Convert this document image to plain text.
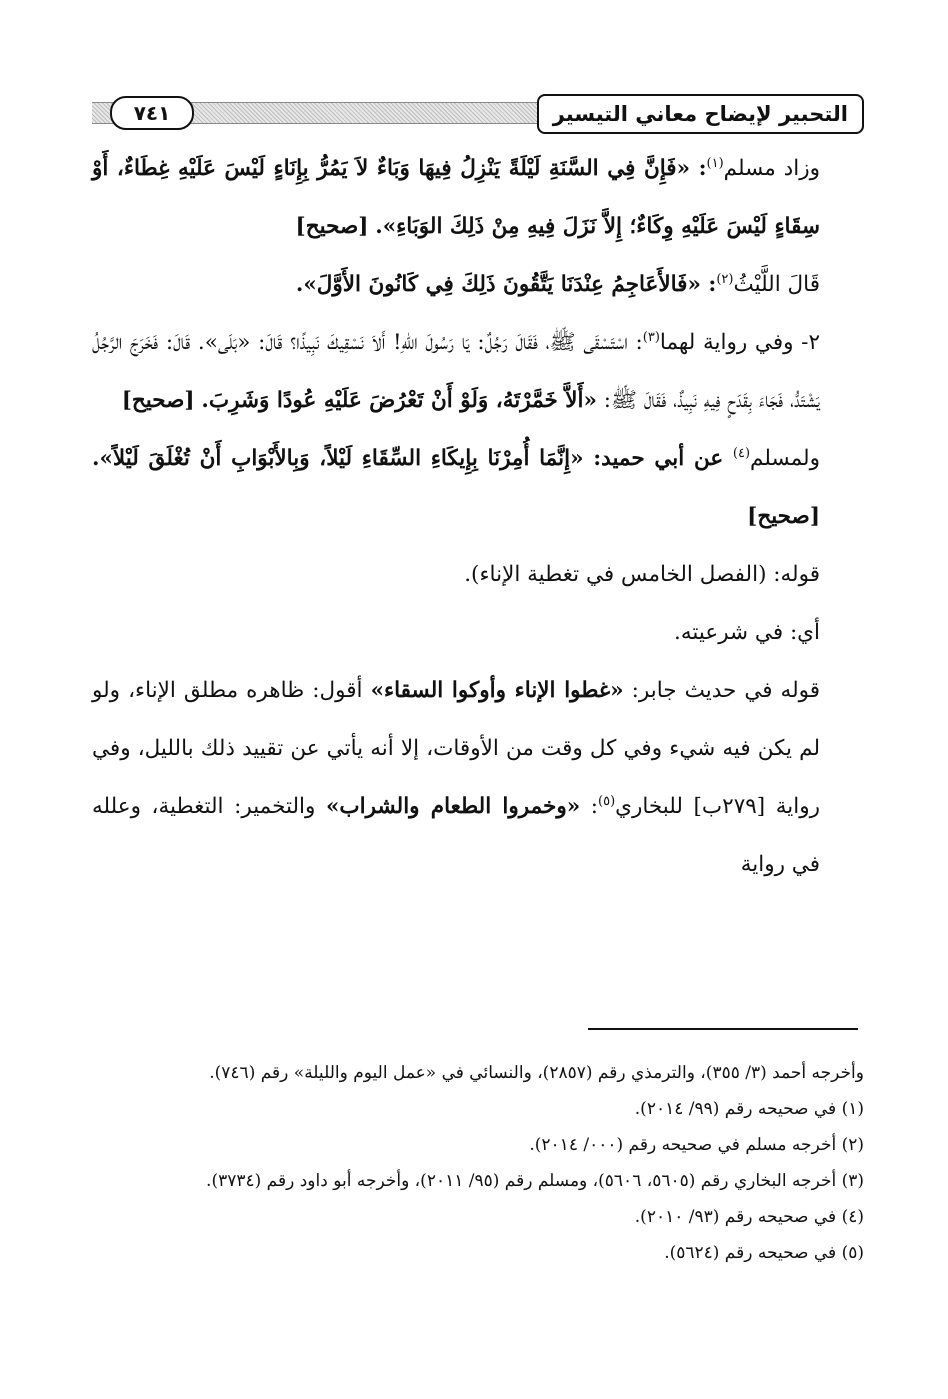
التحبير لإيضاح معاني التيسير
٧٤١

وزاد مسلم$^{(١)}$: «فَإِنَّ فِي السَّنَةِ لَيْلَةً يَنْزِلُ فِيهَا وَبَاءٌ لاَ يَمُرُّ بِإِنَاءٍ لَيْسَ عَلَيْهِ غِطَاءٌ، أَوْ سِقَاءٍ لَيْسَ عَلَيْهِ وِكَاءٌ؛ إِلاَّ نَزَلَ فِيهِ مِنْ ذَلِكَ الوَبَاءِ». [صحيح]

قَالَ اللَّيْثُ$^{(٢)}$: «فَالأَعَاجِمُ عِنْدَنَا يَتَّقُونَ ذَلِكَ فِي كَانُونَ الأَوَّلَ».

٢- وفي رواية لهما$^{(٣)}$: اسْتَسْقَى ﷺ، فَقَالَ رَجُلٌ: يَا رَسُولَ اللهِ! أَلاَ نَسْقِيكَ نَبِيذًا؟ قَالَ: «بَلَى». قَالَ: فَخَرَجَ الرَّجُلُ يَشْتَدُّ، فَجَاءَ بِقَدَحٍ فِيهِ نَبِيذٌ، فَقَالَ ﷺ: «أَلاَّ خَمَّرْتَهُ، وَلَوْ أَنْ تَعْرُضَ عَلَيْهِ عُودًا وَشَرِبَ. [صحيح]

ولمسلم$^{(٤)}$ عن أبي حميد: «إِنَّمَا أُمِرْنَا بِإِيكَاءِ السِّقَاءِ لَيْلاً، وَبِالأَبْوَابِ أَنْ تُغْلَقَ لَيْلاً». [صحيح]

قوله: (الفصل الخامس في تغطية الإناء).

أي: في شرعيته.

قوله في حديث جابر: «غطوا الإناء وأوكوا السقاء» أقول: ظاهره مطلق الإناء، ولو لم يكن فيه شيء وفي كل وقت من الأوقات، إلا أنه يأتي عن تقييد ذلك بالليل، وفي رواية [٢٧٩ب] للبخاري$^{(٥)}$: «وخمروا الطعام والشراب» والتخمير: التغطية، وعلله في رواية

وأخرجه أحمد (٣/ ٣٥٥)، والترمذي رقم (٢٨٥٧)، والنسائي في «عمل اليوم والليلة» رقم (٧٤٦).

(١) في صحيحه رقم (٩٩/ ٢٠١٤).

(٢) أخرجه مسلم في صحيحه رقم (٠٠٠/ ٢٠١٤).

(٣) أخرجه البخاري رقم (٥٦٠٥، ٥٦٠٦)، ومسلم رقم (٩٥/ ٢٠١١)، وأخرجه أبو داود رقم (٣٧٣٤).

(٤) في صحيحه رقم (٩٣/ ٢٠١٠).

(٥) في صحيحه رقم (٥٦٢٤).
